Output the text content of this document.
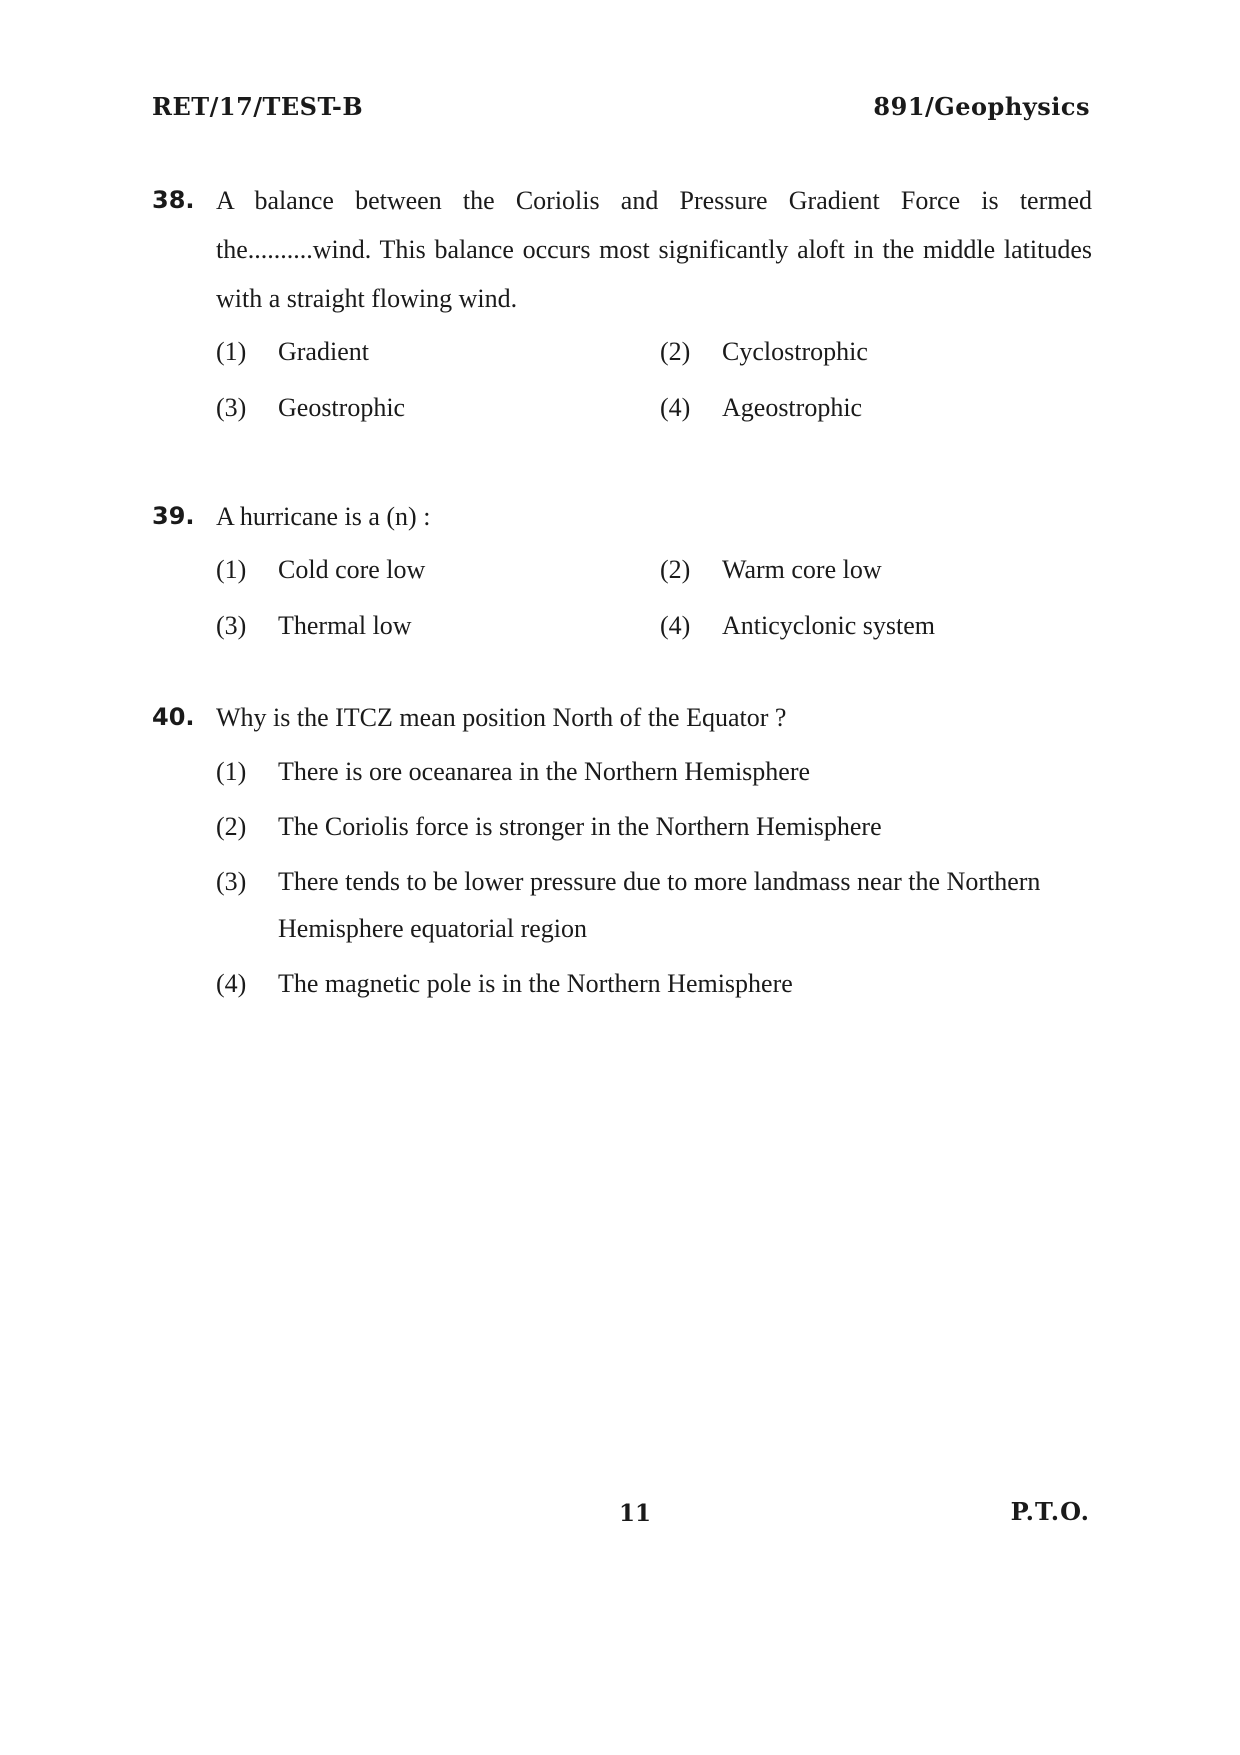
RET/17/TEST-B	891/Geophysics
38. A balance between the Coriolis and Pressure Gradient Force is termed the..........wind. This balance occurs most significantly aloft in the middle latitudes with a straight flowing wind.
(1) Gradient	(2) Cyclostrophic
(3) Geostrophic	(4) Ageostrophic
39. A hurricane is a (n) :
(1) Cold core low	(2) Warm core low
(3) Thermal low	(4) Anticyclonic system
40. Why is the ITCZ mean position North of the Equator ?
(1) There is ore oceanarea in the Northern Hemisphere
(2) The Coriolis force is stronger in the Northern Hemisphere
(3) There tends to be lower pressure due to more landmass near the Northern Hemisphere equatorial region
(4) The magnetic pole is in the Northern Hemisphere
11	P.T.O.
